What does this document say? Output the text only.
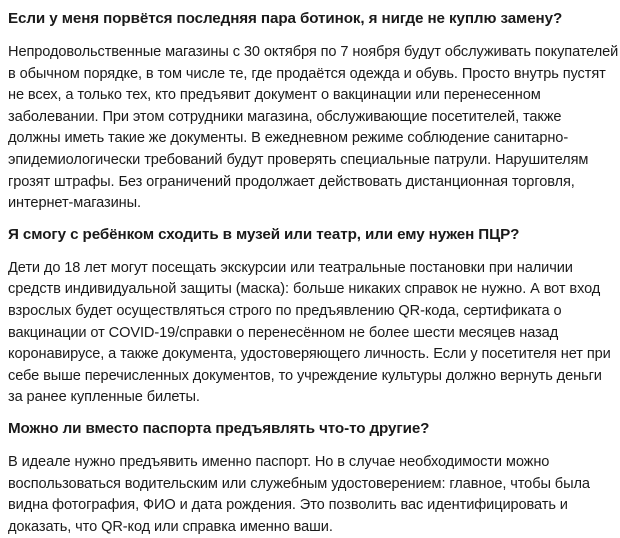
Если у меня порвётся последняя пара ботинок, я нигде не куплю замену?
Непродовольственные магазины с 30 октября по 7 ноября будут обслуживать покупателей
в обычном порядке, в том числе те, где продаётся одежда и обувь. Просто внутрь пустят
не всех, а только тех, кто предъявит документ о вакцинации или перенесенном
заболевании. При этом сотрудники магазина, обслуживающие посетителей, также
должны иметь такие же документы. В ежедневном режиме соблюдение санитарно-
эпидемиологически требований будут проверять специальные патрули. Нарушителям
грозят штрафы. Без ограничений продолжает действовать дистанционная торговля,
интернет-магазины.
Я смогу с ребёнком сходить в музей или театр, или ему нужен ПЦР?
Дети до 18 лет могут посещать экскурсии или театральные постановки при наличии
средств индивидуальной защиты (маска): больше никаких справок не нужно. А вот вход
взрослых будет осуществляться строго по предъявлению QR-кода, сертификата о
вакцинации от COVID-19/справки о перенесённом не более шести месяцев назад
коронавирусе, а также документа, удостоверяющего личность. Если у посетителя нет при
себе выше перечисленных документов, то учреждение культуры должно вернуть деньги
за ранее купленные билеты.
Можно ли вместо паспорта предъявлять что-то другие?
В идеале нужно предъявить именно паспорт. Но в случае необходимости можно
воспользоваться водительским или служебным удостоверением: главное, чтобы была
видна фотография, ФИО и дата рождения. Это позволить вас идентифицировать и
доказать, что QR-код или справка именно ваши.
